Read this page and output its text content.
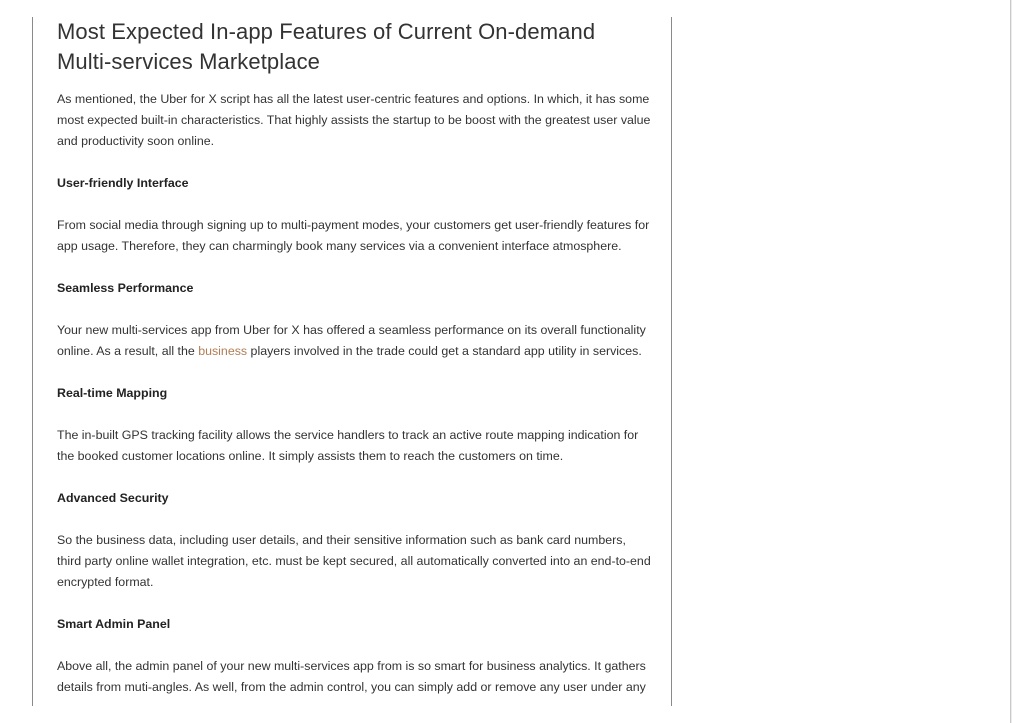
Most Expected In-app Features of Current On-demand Multi-services Marketplace

As mentioned, the Uber for X script has all the latest user-centric features and options. In which, it has some most expected built-in characteristics. That highly assists the startup to be boost with the greatest user value and productivity soon online.

User-friendly Interface

From social media through signing up to multi-payment modes, your customers get user-friendly features for app usage. Therefore, they can charmingly book many services via a convenient interface atmosphere.

Seamless Performance

Your new multi-services app from Uber for X has offered a seamless performance on its overall functionality online. As a result, all the business players involved in the trade could get a standard app utility in services.

Real-time Mapping

The in-built GPS tracking facility allows the service handlers to track an active route mapping indication for the booked customer locations online. It simply assists them to reach the customers on time.

Advanced Security

So the business data, including user details, and their sensitive information such as bank card numbers, third party online wallet integration, etc. must be kept secured, all automatically converted into an end-to-end encrypted format.

Smart Admin Panel

Above all, the admin panel of your new multi-services app from is so smart for business analytics. It gathers details from muti-angles. As well, from the admin control, you can simply add or remove any user under any
